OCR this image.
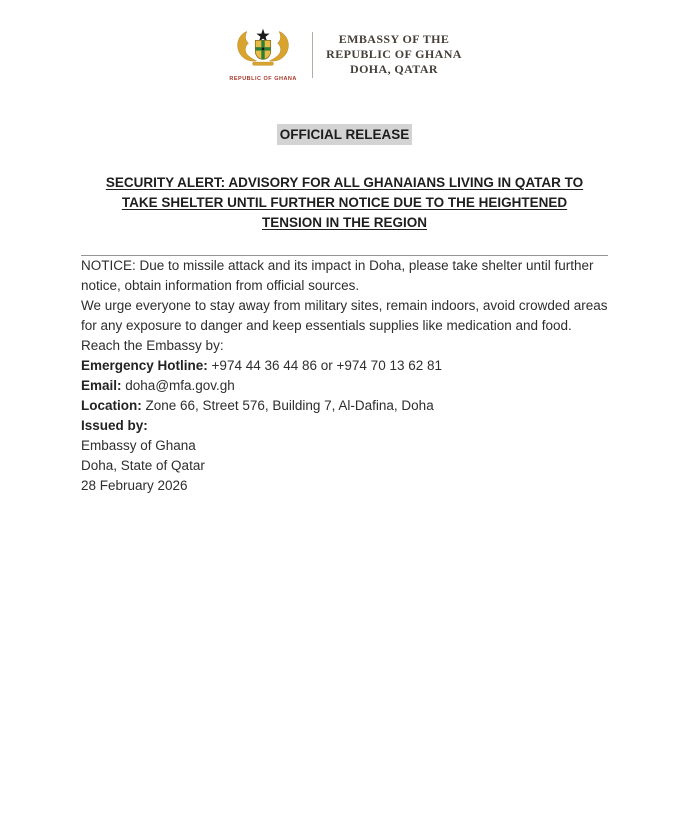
REPUBLIC OF GHANA
EMBASSY OF THE
REPUBLIC OF GHANA
DOHA, QATAR
OFFICIAL RELEASE
SECURITY ALERT: ADVISORY FOR ALL GHANAIANS LIVING IN QATAR TO TAKE SHELTER UNTIL FURTHER NOTICE DUE TO THE HEIGHTENED TENSION IN THE REGION

NOTICE: Due to missile attack and its impact in Doha, please take shelter until further notice, obtain information from official sources.

We urge everyone to stay away from military sites, remain indoors, avoid crowded areas for any exposure to danger and keep essentials supplies like medication and food.

Reach the Embassy by:

Emergency Hotline: +974 44 36 44 86 or +974 70 13 62 81

Email: doha@mfa.gov.gh

Location: Zone 66, Street 576, Building 7, Al-Dafina, Doha

Issued by:
Embassy of Ghana
Doha, State of Qatar

28 February 2026
